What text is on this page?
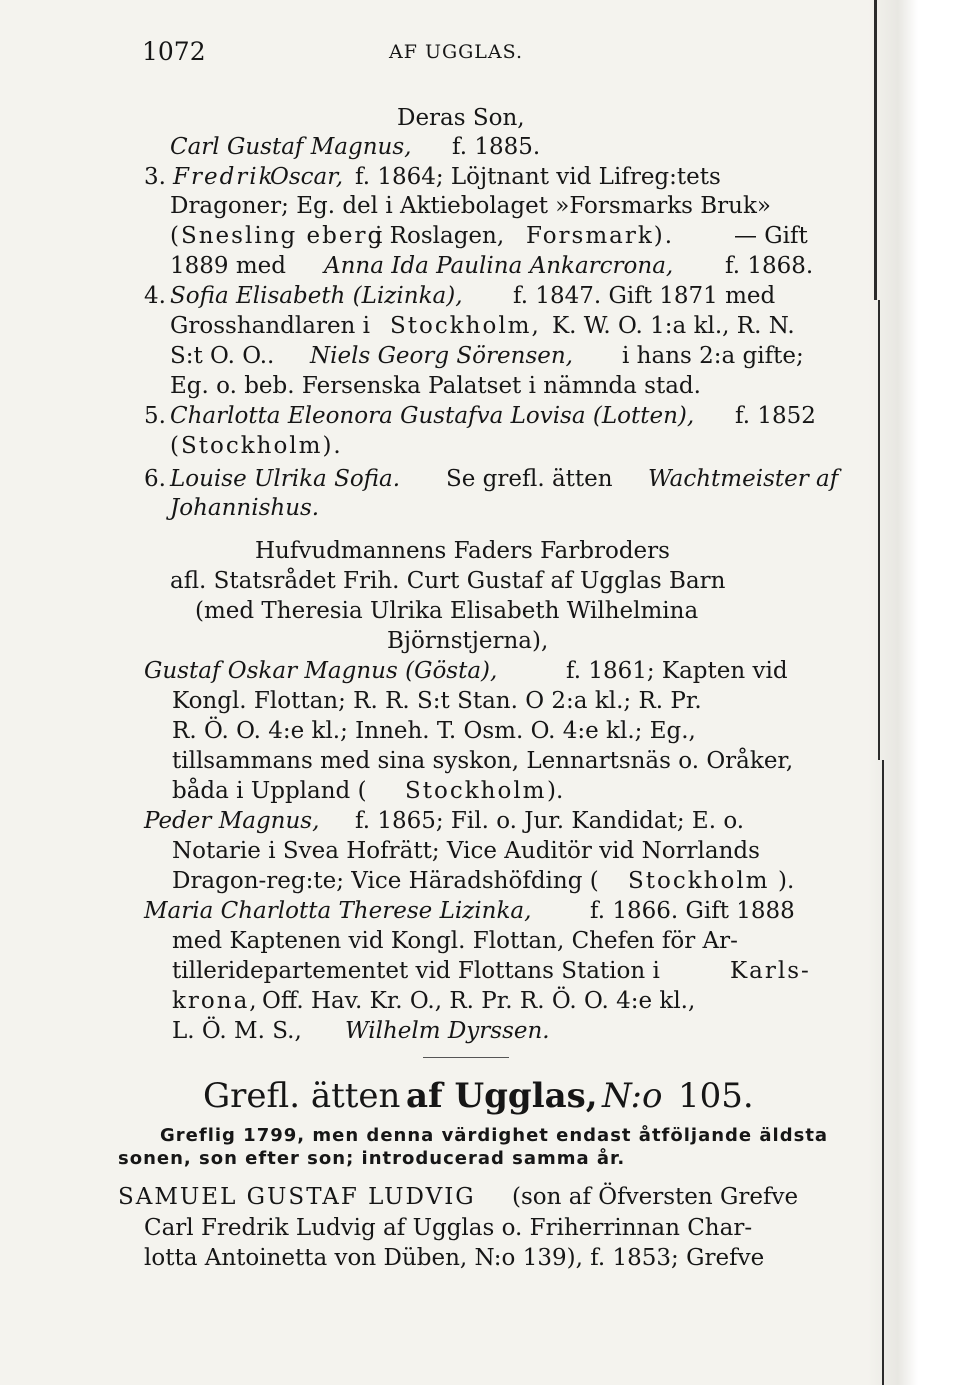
1072	AF UGGLAS.
Deras Son,
Carl Gustaf Magnus, f. 1885.
3. Fredrik
Oscar, f. 1864; Löjtnant vid Lifreg:tets
Dragoner; Eg. del i Aktiebolaget »Forsmarks Bruk»
(Snesling eberg
i Roslagen, Forsmark).	— Gift
1889 med Anna Ida Paulina Ankarcrona, f. 1868.
4. Sofia Elisabeth (Lizinka), f. 1847. Gift 1871 med
Grosshandlaren i Stockholm, K. W. O. 1:a kl., R. N.
S:t O. O.. Niels Georg Sörensen, i hans 2:a gifte;
Eg. o. beb. Fersenska Palatset i nämnda stad.
5. Charlotta Eleonora Gustafva Lovisa (Lotten), f. 1852
(Stockholm).
6. Louise Ulrika Sofia. Se grefl. ätten Wachtmeister af
Johannishus.
Hufvudmannens Faders Farbroders
afl. Statsrådet Frih. Curt Gustaf af Ugglas Barn
(med Theresia Ulrika Elisabeth Wilhelmina
Björnstjerna),
Gustaf Oskar Magnus (Gösta),	f. 1861; Kapten vid
Kongl. Flottan; R. R. S:t Stan. O 2:a kl.; R. Pr.
R. Ö. O. 4:e kl.; Inneh. T. Osm. O. 4:e kl.; Eg.,
tillsammans med sina syskon, Lennartsnäs o. Oråker,
båda i Uppland ( Stockholm ).
Peder Magnus, f. 1865; Fil. o. Jur. Kandidat; E. o.
Notarie i Svea Hofrätt; Vice Auditör vid Norrlands
Dragon-reg:te; Vice Häradshöfding ( Stockholm ).
Maria Charlotta Therese Lizinka,	f. 1866. Gift 1888
med Kaptenen vid Kongl. Flottan, Chefen för Ar-
tilleridepartementet vid Flottans Station i	Karls-
krona, Off. Hav. Kr. O., R. Pr. R. Ö. O. 4:e kl.,
L. Ö. M. S., Wilhelm Dyrssen.
Grefl. ätten af Ugglas, N:o 105.
Greflig 1799, men denna värdighet endast åtföljande äldsta
sonen, son efter son; introducerad samma år.
SAMUEL GUSTAF LUDVIG (son af Öfversten Grefve
Carl Fredrik Ludvig af Ugglas o. Friherrinnan Char-
lotta Antoinetta von Düben, N:o 139), f. 1853; Grefve
